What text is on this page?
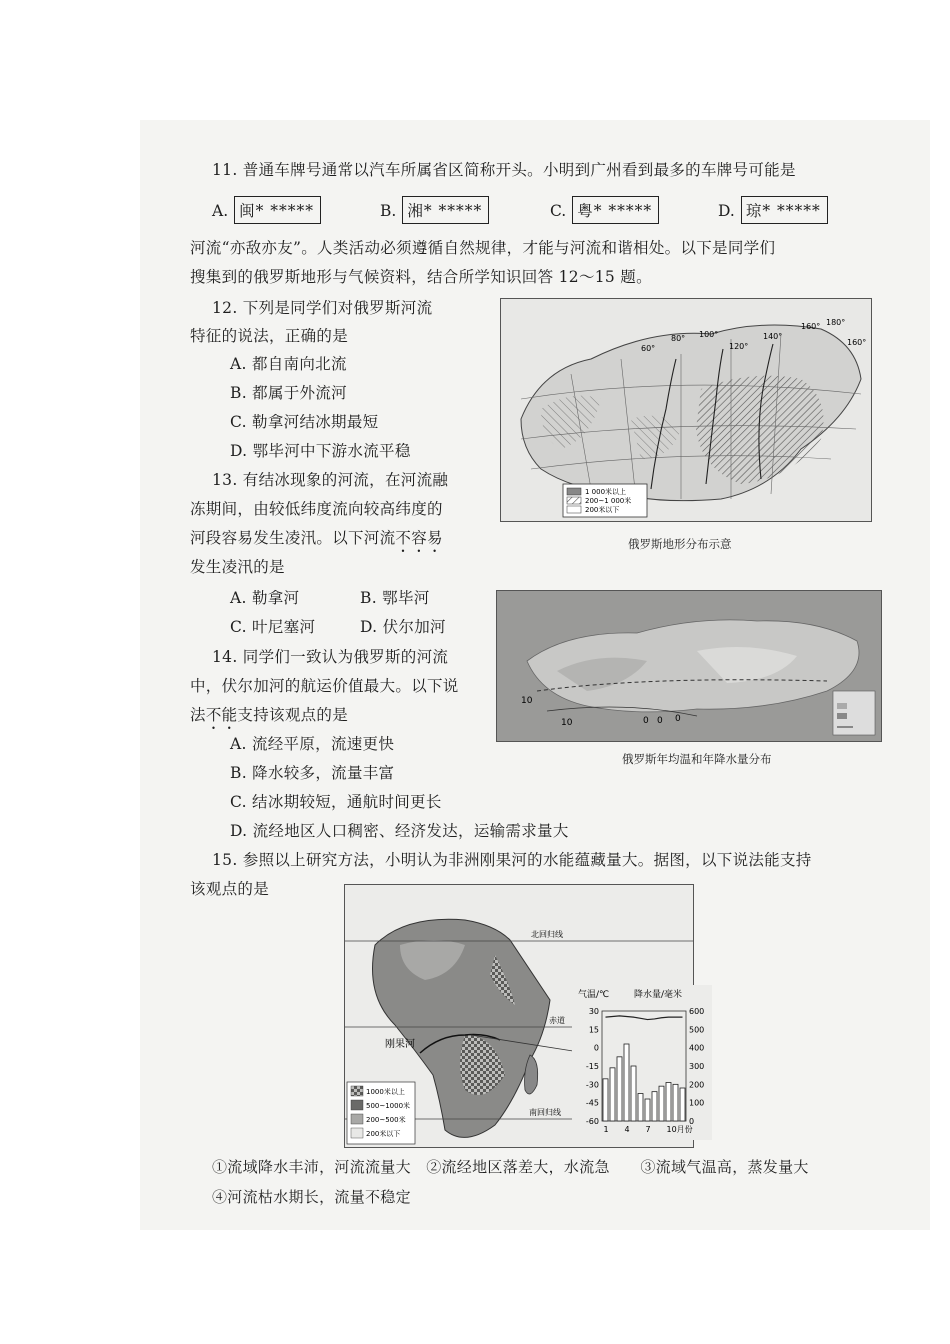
11. 普通车牌号通常以汽车所属省区简称开头。小明到广州看到最多的车牌号可能是
A. 闽* *****	B. 湘* *****	C. 粤* *****	D. 琼* *****
河流“亦敌亦友”。人类活动必须遵循自然规律，才能与河流和谐相处。以下是同学们
搜集到的俄罗斯地形与气候资料，结合所学知识回答 12～15 题。
12. 下列是同学们对俄罗斯河流
特征的说法，正确的是
A. 都自南向北流
B. 都属于外流河
C. 勒拿河结冰期最短
D. 鄂毕河中下游水流平稳
13. 有结冰现象的河流，在河流融
冻期间，由较低纬度流向较高纬度的
河段容易发生凌汛。以下河流不容易
发生凌汛的是
A. 勒拿河	B. 鄂毕河
C. 叶尼塞河	D. 伏尔加河
14. 同学们一致认为俄罗斯的河流
中，伏尔加河的航运价值最大。以下说
法不能支持该观点的是
A. 流经平原，流速更快
B. 降水较多，流量丰富
C. 结冰期较短，通航时间更长
D. 流经地区人口稠密、经济发达，运输需求量大
15. 参照以上研究方法，小明认为非洲刚果河的水能蕴藏量大。据图，以下说法能支持
该观点的是
①流域降水丰沛，河流流量大　②流经地区落差大，水流急　　③流域气温高，蒸发量大
④河流枯水期长，流量不稳定
60°
80° 100°
120°
140°
160° 180°
160°
1 000米以上
200~1 000米
200米以下
俄罗斯地形分布示意
10
10	0 0 0
俄罗斯年均温和年降水量分布
北回归线
赤道
南回归线
刚果河
1000米以上
500~1000米
200~500米
200米以下
气温/℃	降水量/毫米
30
15
0
-15
-30
-45
-60
600
500
400
300
200
100
0
1 4 7 10月份
